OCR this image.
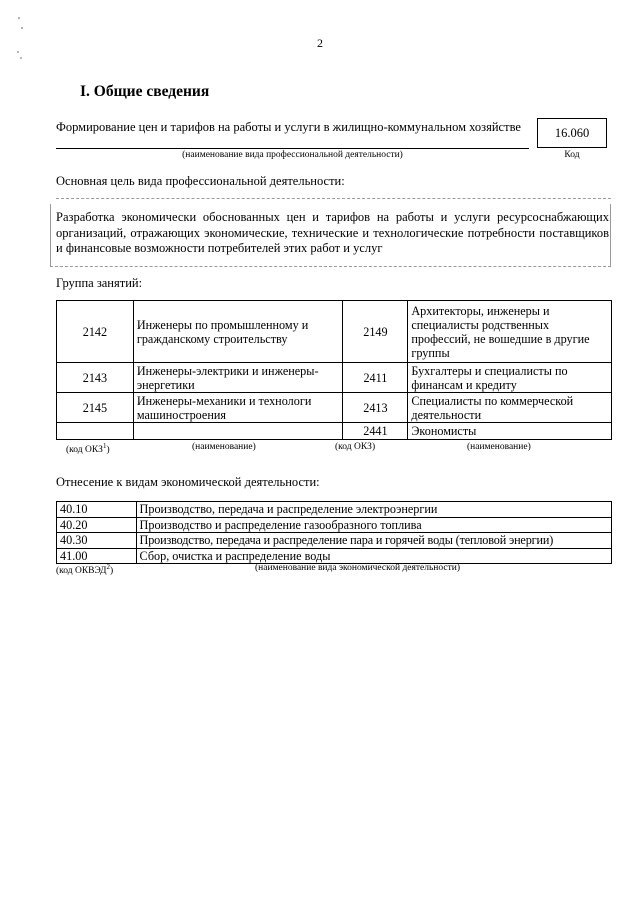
2
I. Общие сведения
Формирование цен и тарифов на работы и услуги в жилищно-коммунальном хозяйстве
(наименование вида профессиональной деятельности)
16.060
Код
Основная цель вида профессиональной деятельности:
Разработка экономически обоснованных цен и тарифов на работы и услуги ресурсоснабжающих организаций, отражающих экономические, технические и технологические потребности поставщиков и финансовые возможности потребителей этих работ и услуг
Группа занятий:
2142	Инженеры по промышленному и гражданскому строительству	2149	Архитекторы, инженеры и специалисты родственных профессий, не вошедшие в другие группы
2143	Инженеры-электрики и инженеры-энергетики	2411	Бухгалтеры и специалисты по финансам и кредиту
2145	Инженеры-механики и технологи машиностроения	2413	Специалисты по коммерческой деятельности
		2441	Экономисты
(код ОКЗ$^1$)	(наименование)	(код ОКЗ)	(наименование)
Отнесение к видам экономической деятельности:
40.10	Производство, передача и распределение электроэнергии
40.20	Производство и распределение газообразного топлива
40.30	Производство, передача и распределение пара и горячей воды (тепловой энергии)
41.00	Сбор, очистка и распределение воды
(код ОКВЭД$^2$)	(наименование вида экономической деятельности)
